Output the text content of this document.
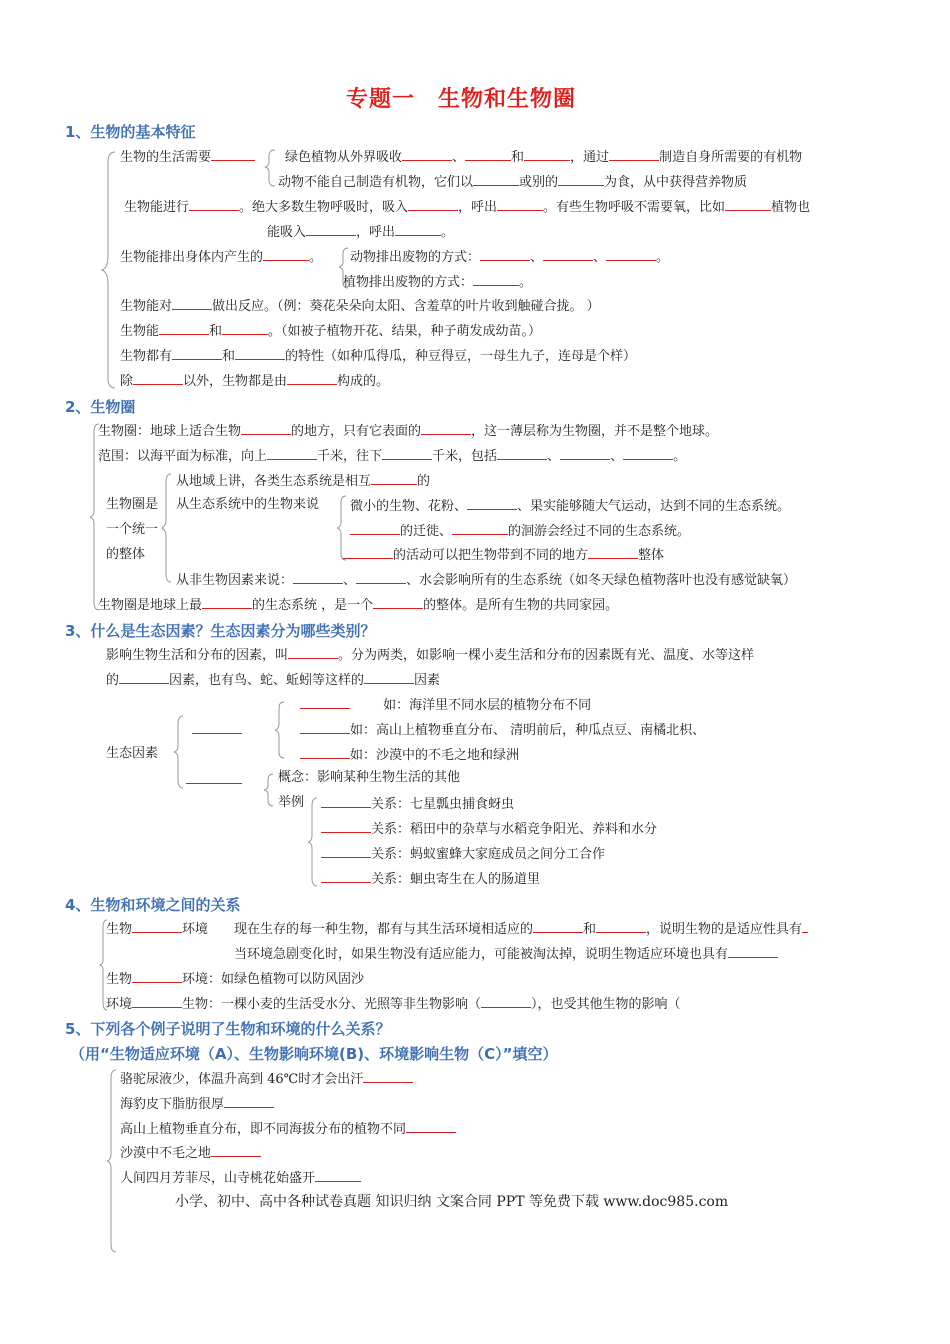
专题一　生物和生物圈
1、生物的基本特征
生物的生活需要	绿色植物从外界吸收	、	和	，通过	制造自身所需要的有机物
动物不能自己制造有机物，它们以	或别的	为食，从中获得营养物质
生物能进行	。绝大多数生物呼吸时，吸入	，呼出	。有些生物呼吸不需要氧，比如	植物也
能吸入	，呼出	。
生物能排出身体内产生的	。 动物排出废物的方式：	、	、	。
植物排出废物的方式：	。
生物能对	做出反应。（例：葵花朵朵向太阳、含羞草的叶片收到触碰合拢。 ）
生物能	和	。（如被子植物开花、结果，种子萌发成幼苗。）
生物都有	和	的特性（如种瓜得瓜，种豆得豆，一母生九子，连母是个样）
除	以外，生物都是由	构成的。
2、生物圈
生物圈：地球上适合生物	的地方，只有它表面的	，这一薄层称为生物圈，并不是整个地球。
范围：以海平面为标准，向上	千米，往下	千米，包括	、	、	。
生物圈是
一个统一
的整体
从地域上讲，各类生态系统是相互	的
从生态系统中的生物来说 微小的生物、花粉、	、果实能够随大气运动，达到不同的生态系统。
的迁徙、	的洄游会经过不同的生态系统。
的活动可以把生物带到不同的地方	整体
从非生物因素来说：	、	、水会影响所有的生态系统（如冬天绿色植物落叶也没有感觉缺氧）
生物圈是地球上最	的生态系统 ，是一个	的整体。是所有生物的共同家园。
3、什么是生态因素？生态因素分为哪些类别？
影响生物生活和分布的因素，叫	。分为两类，如影响一棵小麦生活和分布的因素既有光、温度、水等这样
的	因素，也有鸟、蛇、蚯蚓等这样的	因素
生态因素
如：海洋里不同水层的植物分布不同
如：高山上植物垂直分布、 清明前后，种瓜点豆、南橘北枳、
如：沙漠中的不毛之地和绿洲
概念：影响某种生物生活的其他
举例	关系：七星瓢虫捕食蚜虫
关系：稻田中的杂草与水稻竞争阳光、养料和水分
关系：蚂蚁蜜蜂大家庭成员之间分工合作
关系：蛔虫寄生在人的肠道里
4、生物和环境之间的关系
生物	环境 现在生存的每一种生物，都有与其生活环境相适应的	和	，说明生物的是适应性具有
当环境急剧变化时，如果生物没有适应能力，可能被淘汰掉，说明生物适应环境也具有
生物	环境：如绿色植物可以防风固沙
环境	生物：一棵小麦的生活受水分、光照等非生物影响（	），也受其他生物的影响（
5、下列各个例子说明了生物和环境的什么关系？
（用“生物适应环境（A）、生物影响环境(B)、环境影响生物（C）”填空）
骆驼尿液少，体温升高到 46℃时才会出汗
海豹皮下脂肪很厚
高山上植物垂直分布，即不同海拔分布的植物不同
沙漠中不毛之地
人间四月芳菲尽，山寺桃花始盛开
小学、初中、高中各种试卷真题 知识归纳 文案合同 PPT 等免费下载 www.doc985.com
